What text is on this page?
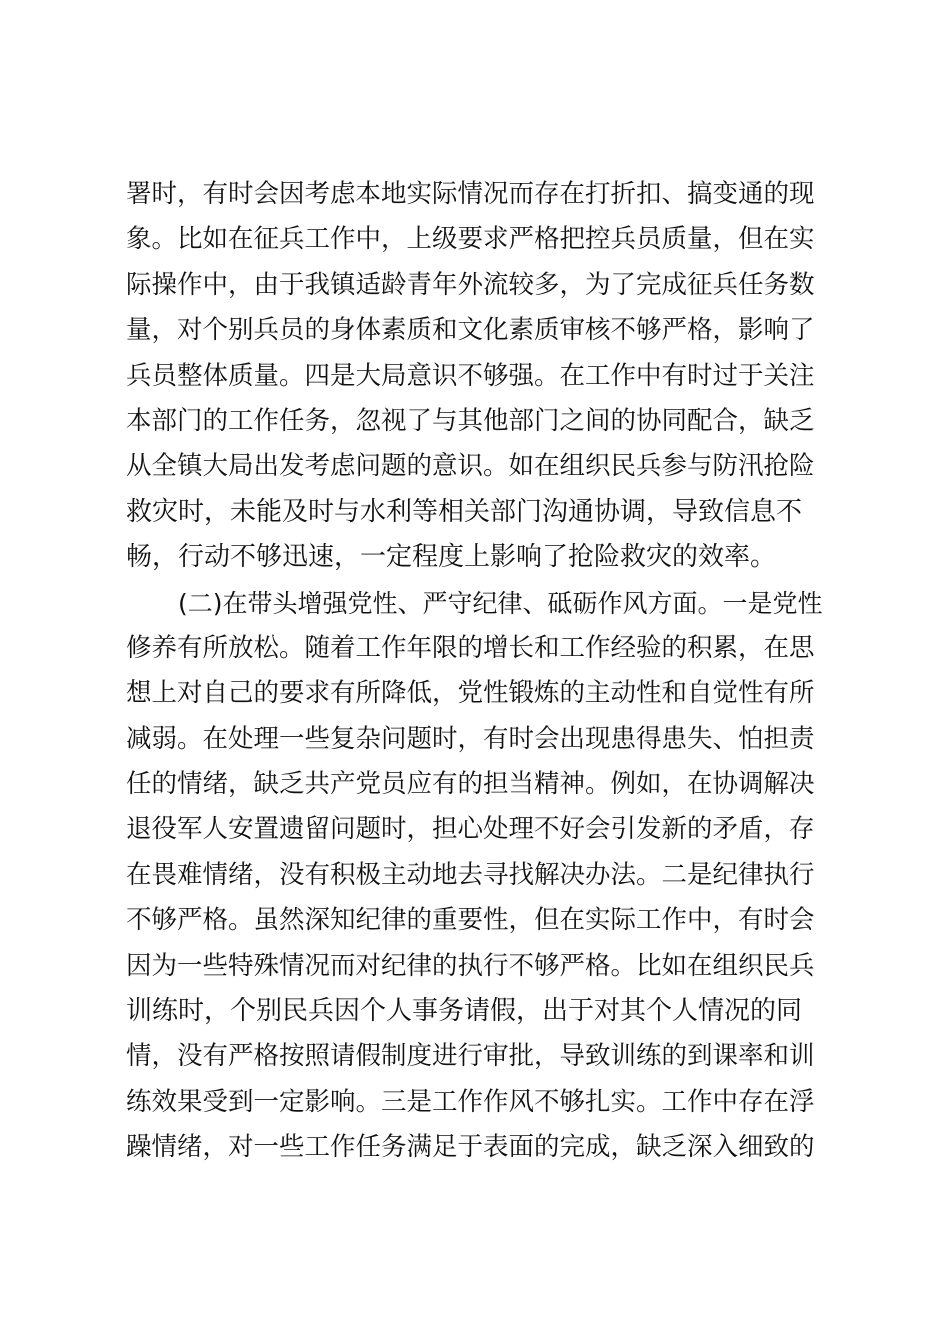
署时，有时会因考虑本地实际情况而存在打折扣、搞变通的现
象。比如在征兵工作中，上级要求严格把控兵员质量，但在实
际操作中，由于我镇适龄青年外流较多，为了完成征兵任务数
量，对个别兵员的身体素质和文化素质审核不够严格，影响了
兵员整体质量。四是大局意识不够强。在工作中有时过于关注
本部门的工作任务，忽视了与其他部门之间的协同配合，缺乏
从全镇大局出发考虑问题的意识。如在组织民兵参与防汛抢险
救灾时，未能及时与水利等相关部门沟通协调，导致信息不
畅，行动不够迅速，一定程度上影响了抢险救灾的效率。
(二)在带头增强党性、严守纪律、砥砺作风方面。一是党性
修养有所放松。随着工作年限的增长和工作经验的积累，在思
想上对自己的要求有所降低，党性锻炼的主动性和自觉性有所
减弱。在处理一些复杂问题时，有时会出现患得患失、怕担责
任的情绪，缺乏共产党员应有的担当精神。例如，在协调解决
退役军人安置遗留问题时，担心处理不好会引发新的矛盾，存
在畏难情绪，没有积极主动地去寻找解决办法。二是纪律执行
不够严格。虽然深知纪律的重要性，但在实际工作中，有时会
因为一些特殊情况而对纪律的执行不够严格。比如在组织民兵
训练时，个别民兵因个人事务请假，出于对其个人情况的同
情，没有严格按照请假制度进行审批，导致训练的到课率和训
练效果受到一定影响。三是工作作风不够扎实。工作中存在浮
躁情绪，对一些工作任务满足于表面的完成，缺乏深入细致的
